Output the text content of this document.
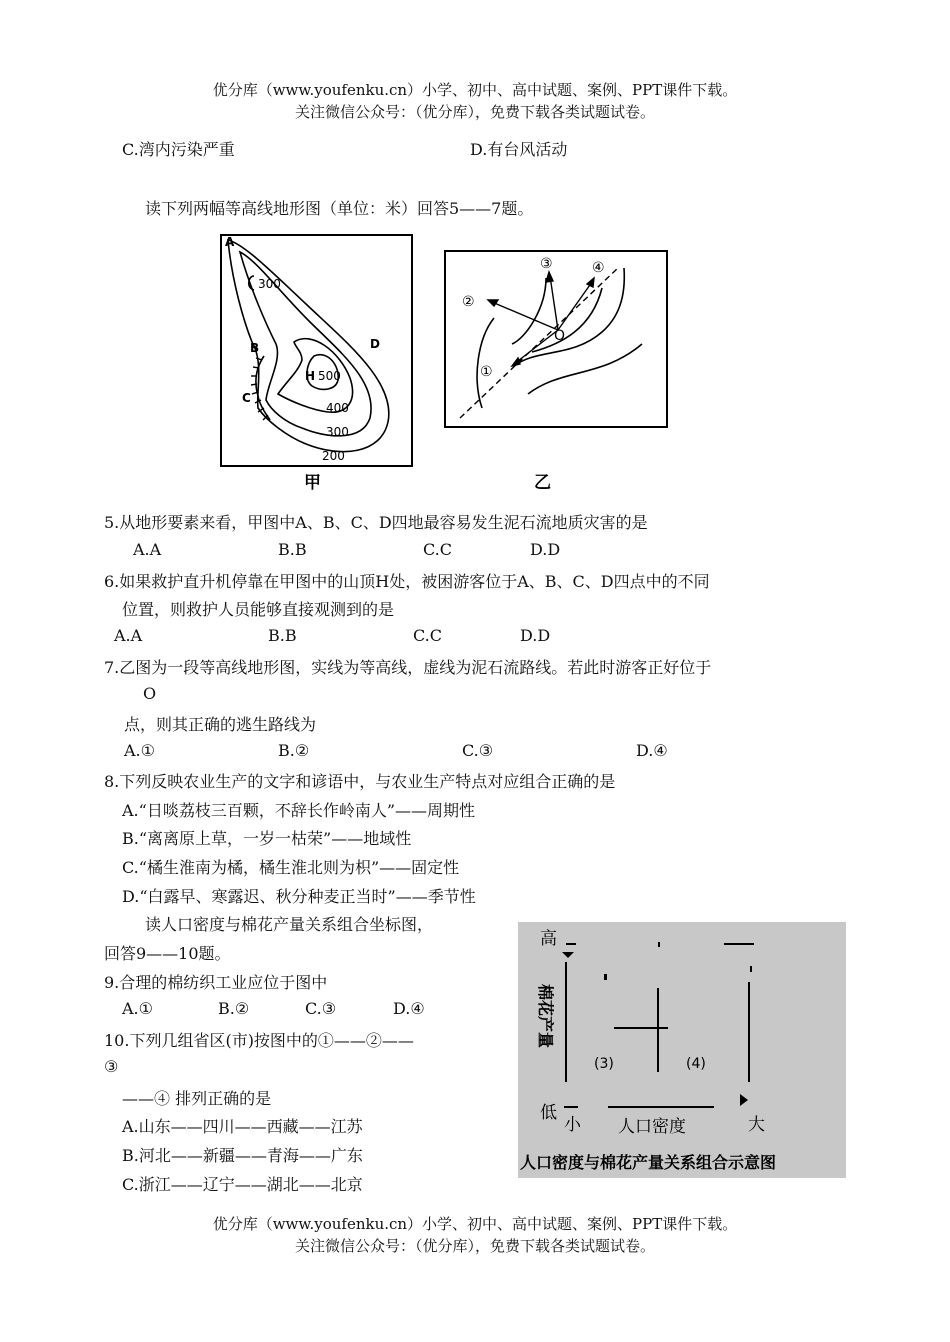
优分库（www.youfenku.cn）小学、初中、高中试题、案例、PPT课件下载。
关注微信公众号：（优分库），免费下载各类试题试卷。
C.湾内污染严重	D.有台风活动
读下列两幅等高线地形图（单位：米）回答5——7题。
A
B
C
D
H
300
500
400
300
200
甲
O
①
②
③	④
乙
5.从地形要素来看，甲图中A、B、C、D四地最容易发生泥石流地质灾害的是
A.A	B.B	C.C	D.D
6.如果救护直升机停靠在甲图中的山顶H处，被困游客位于A、B、C、D四点中的不同
位置，则救护人员能够直接观测到的是
A.A	B.B	C.C	D.D
7.乙图为一段等高线地形图，实线为等高线，虚线为泥石流路线。若此时游客正好位于
O
点，则其正确的逃生路线为
A.①	B.②	C.③	D.④
8.下列反映农业生产的文字和谚语中，与农业生产特点对应组合正确的是
A.“日啖荔枝三百颗，不辞长作岭南人”——周期性
B.“离离原上草，一岁一枯荣”——地域性
C.“橘生淮南为橘，橘生淮北则为枳”——固定性
D.“白露早、寒露迟、秋分种麦正当时”——季节性
读人口密度与棉花产量关系组合坐标图，
回答9——10题。
9.合理的棉纺织工业应位于图中
A.①	B.②	C.③	D.④
10.下列几组省区(市)按图中的①——②——
③
——④ 排列正确的是
A.山东——四川——西藏——江苏
B.河北——新疆——青海——广东
C.浙江——辽宁——湖北——北京
高
低
小 人口密度	大
(3)	(4)
人口密度与棉花产量关系组合示意图
棉花产量
优分库（www.youfenku.cn）小学、初中、高中试题、案例、PPT课件下载。
关注微信公众号：（优分库），免费下载各类试题试卷。
